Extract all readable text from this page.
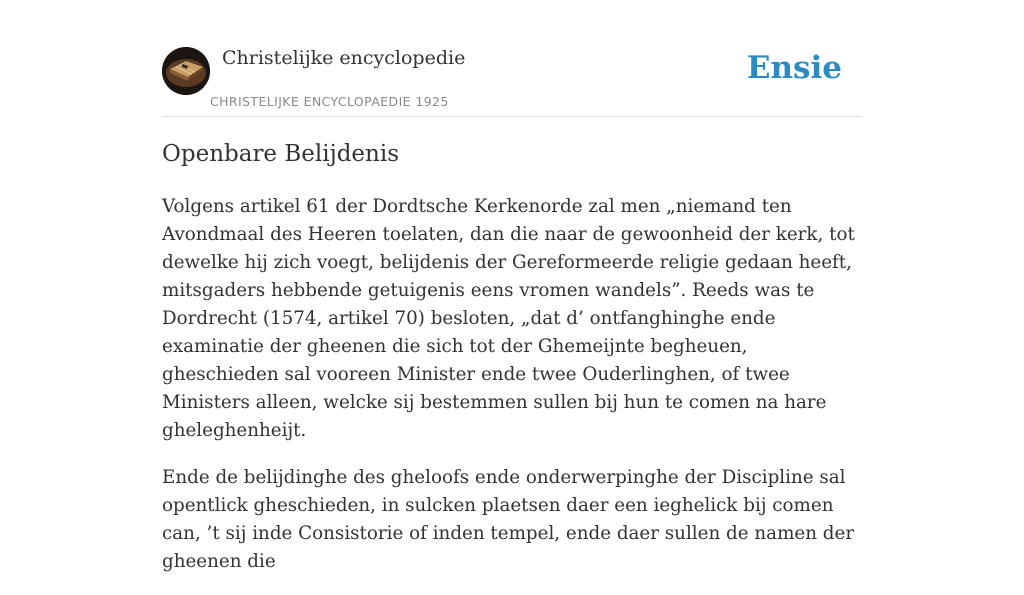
Christelijke encyclopedie
CHRISTELIJKE ENCYCLOPAEDIE 1925
Ensie
Openbare Belijdenis

Volgens artikel 61 der Dordtsche Kerkenorde zal men „niemand ten Avondmaal des Heeren toelaten, dan die naar de gewoonheid der kerk, tot dewelke hij zich voegt, belijdenis der Gereformeerde religie gedaan heeft, mitsgaders hebbende getuigenis eens vromen wandels”. Reeds was te Dordrecht (1574, artikel 70) besloten, „dat d’ ontfanghinghe ende examinatie der gheenen die sich tot der Ghemeijnte begheuen, gheschieden sal vooreen Minister ende twee Ouderlinghen, of twee Ministers alleen, welcke sij bestemmen sullen bij hun te comen na hare gheleghenheijt.

Ende de belijdinghe des gheloofs ende onderwerpinghe der Discipline sal opentlick gheschieden, in sulcken plaetsen daer een ieghelick bij comen can, ’t sij inde Consistorie of inden tempel, ende daer sullen de namen der gheenen die
